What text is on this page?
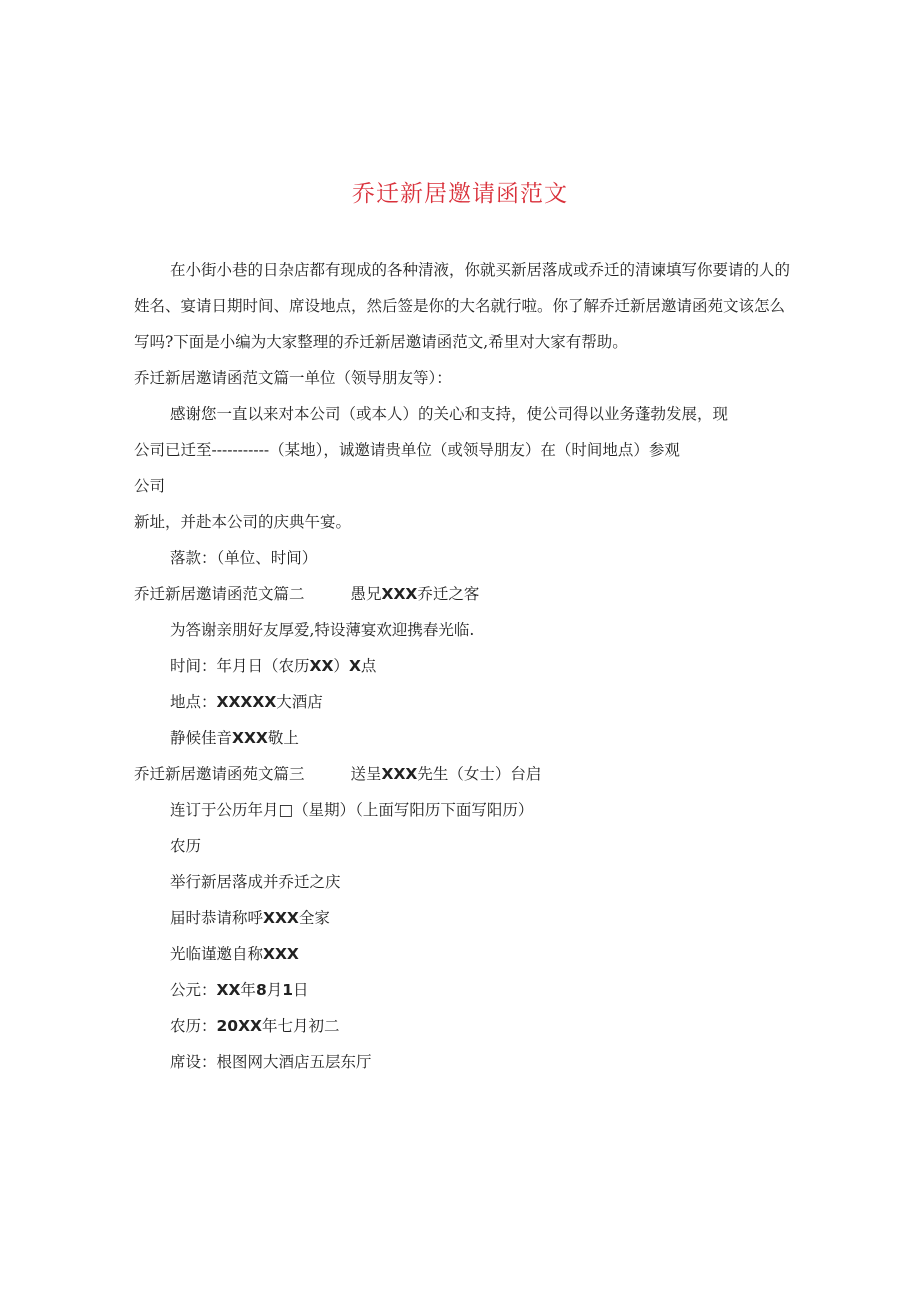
乔迁新居邀请函范文

在小街小巷的日杂店都有现成的各种清液，你就买新居落成或乔迁的清谏填写你要请的人的姓名、宴请日期时间、席设地点，然后签是你的大名就行啦。你了解乔迁新居邀请函苑文该怎么写吗?下面是小编为大家整理的乔迁新居邀请函范文,希里对大家有帮助。

乔迁新居邀请函范文篇一单位（领导朋友等）：

感谢您一直以来对本公司（或本人）的关心和支持，使公司得以业务蓬勃发展，现

公司已迁至-----------（某地），诚邀请贵单位（或领导朋友）在（时间地点）参观

公司

新址，并赴本公司的庆典午宴。

落款：（单位、时间）

乔迁新居邀请函范文篇二	愚兄XXX乔迁之客

为答谢亲朋好友厚爱,特设薄宴欢迎携春光临.

时间：年月日（农历XX）X点

地点：XXXXX大酒店

静候佳音XXX敬上

乔迁新居邀请函苑文篇三	送呈XXX先生（女士）台启

连订于公历年月□（星期）（上面写阳历下面写阳历）

农历

举行新居落成并乔迁之庆

届时恭请称呼XXX全家

光临谨邀自称XXX

公元：XX年8月1日

农历：20XX年七月初二

席设：根图网大酒店五层东厅
